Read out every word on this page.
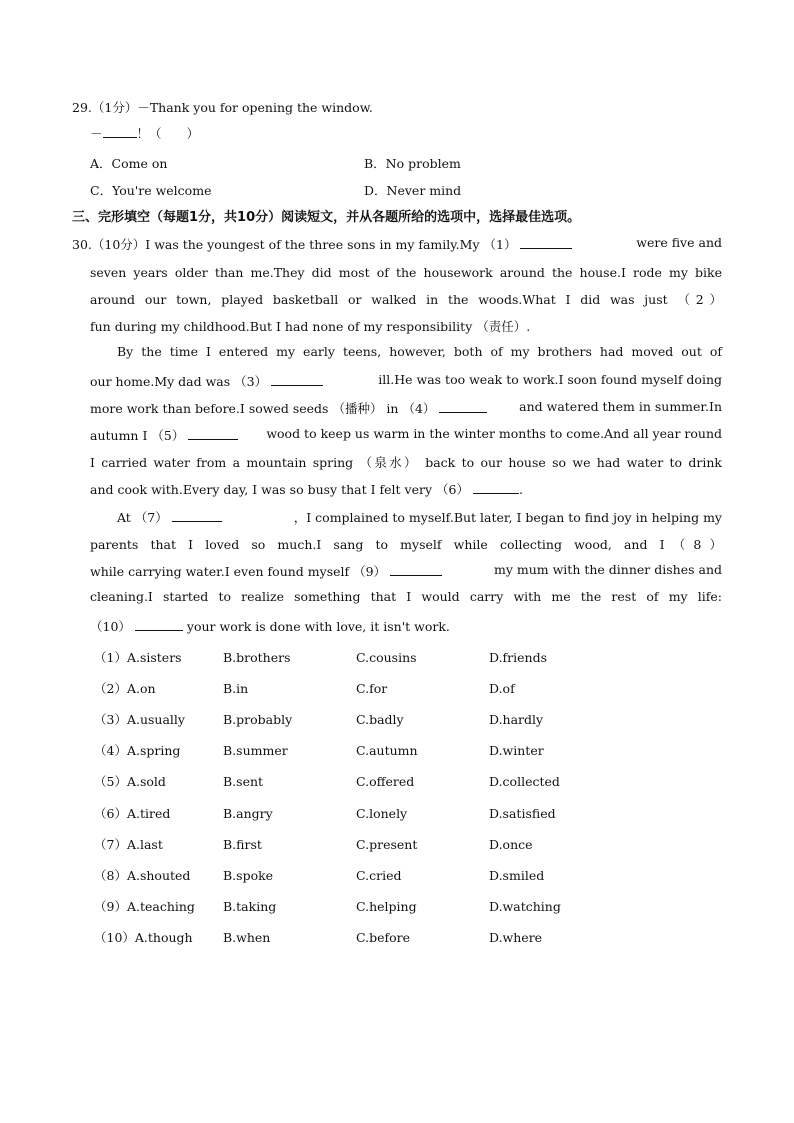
29.（1分）－Thank you for opening the window.
－	！（　　）
A．Come on	B．No problem
C．You're welcome	D．Never mind
三、完形填空（每题1分，共10分）阅读短文，并从各题所给的选项中，选择最佳选项。
30.（10分）I was the youngest of the three sons in my family.My （1）	were five and
seven years older than me.They did most of the housework around the house.I rode my bike
around our town, played basketball or walked in the woods.What I did was just （2）
fun during my childhood.But I had none of my responsibility （责任）.
By the time I entered my early teens, however, both of my brothers had moved out of
our home.My dad was （3）	ill.He was too weak to work.I soon found myself doing
more work than before.I sowed seeds （播种） in （4）	and watered them in summer.In
autumn I （5）	wood to keep us warm in the winter months to come.And all year round
I carried water from a mountain spring （泉水） back to our house so we had water to drink
and cook with.Every day, I was so busy that I felt very （6）	.
At （7）	，I complained to myself.But later, I began to find joy in helping my
parents that I loved so much.I sang to myself while collecting wood, and I（8）
while carrying water.I even found myself （9）	my mum with the dinner dishes and
cleaning.I started to realize something that I would carry with me the rest of my life:
（10）	your work is done with love, it isn't work.
（1）A.sisters	B.brothers	C.cousins	D.friends
（2）A.on	B.in	C.for	D.of
（3）A.usually	B.probably	C.badly	D.hardly
（4）A.spring	B.summer	C.autumn	D.winter
（5）A.sold	B.sent	C.offered	D.collected
（6）A.tired	B.angry	C.lonely	D.satisfied
（7）A.last	B.first	C.present	D.once
（8）A.shouted	B.spoke	C.cried	D.smiled
（9）A.teaching B.taking	C.helping	D.watching
（10）A.though B.when	C.before	D.where
